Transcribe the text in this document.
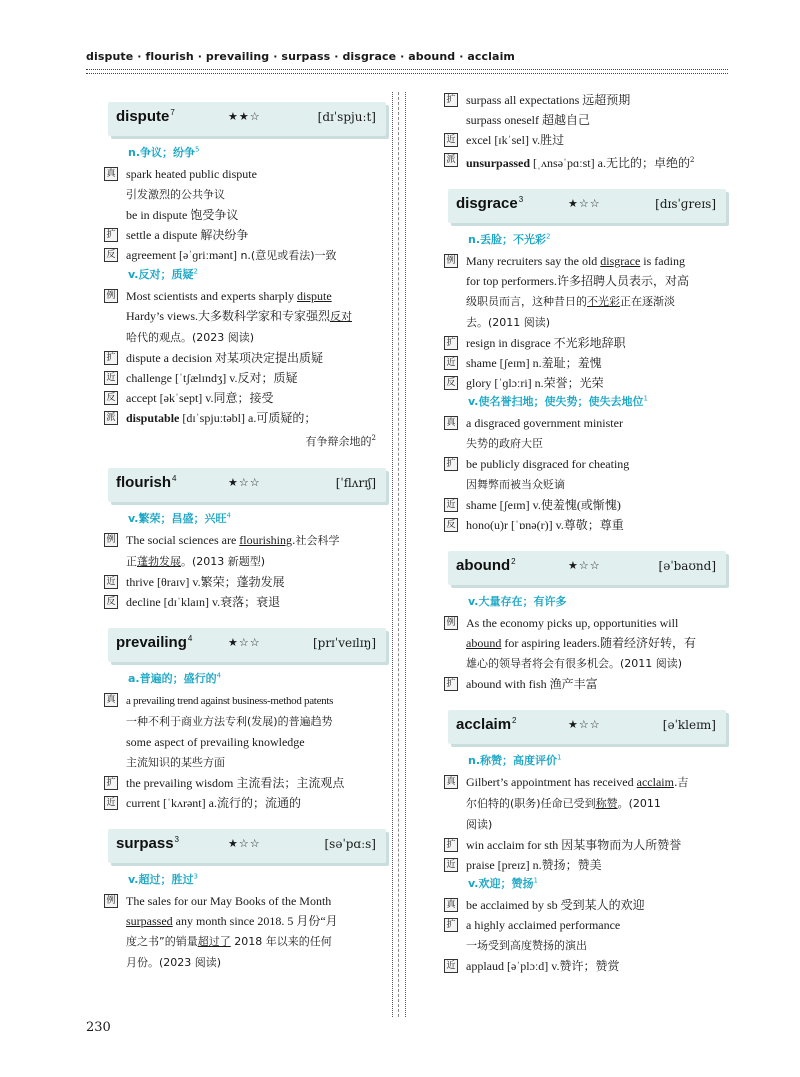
dispute · flourish · prevailing · surpass · disgrace · abound · acclaim
dispute$^7$	★★☆	[dɪˈspjuːt]
n.争议；纷争$^5$
真 spark heated public dispute
引发激烈的公共争议
be in dispute 饱受争议
扩 settle a dispute 解决纷争
反 agreement [əˈɡriːmənt] n.(意见或看法)一致
v.反对；质疑$^2$
例 Most scientists and experts sharply dispute
Hardy’s views.大多数科学家和专家强烈反对
哈代的观点。(2023 阅读)
扩 dispute a decision 对某项决定提出质疑
近 challenge [ˈtʃælɪndʒ] v.反对；质疑
反 accept [əkˈsept] v.同意；接受
派 disputable [dɪˈspjuːtəbl] a.可质疑的；
有争辩余地的$^2$
flourish$^4$	★☆☆	[ˈflʌrɪʃ]
v.繁荣；昌盛；兴旺$^4$
例 The social sciences are flourishing.社会科学
正蓬勃发展。(2013 新题型)
近 thrive [θraɪv] v.繁荣；蓬勃发展
反 decline [dɪˈklaɪn] v.衰落；衰退
prevailing$^4$	★☆☆	[prɪˈveɪlɪŋ]
a.普遍的；盛行的$^4$
真 a prevailing trend against business-method patents
一种不利于商业方法专利(发展)的普遍趋势
some aspect of prevailing knowledge
主流知识的某些方面
扩 the prevailing wisdom 主流看法；主流观点
近 current [ˈkʌrənt] a.流行的；流通的
surpass$^3$	★☆☆	[səˈpɑːs]
v.超过；胜过$^3$
例 The sales for our May Books of the Month
surpassed any month since 2018. 5 月份“月
度之书”的销量超过了 2018 年以来的任何
月份。(2023 阅读)
扩 surpass all expectations 远超预期
surpass oneself 超越自己
近 excel [ɪkˈsel] v.胜过
派 unsurpassed [ˌʌnsəˈpɑːst] a.无比的；卓绝的$^2$
disgrace$^3$	★☆☆	[dɪsˈɡreɪs]
n.丢脸；不光彩$^2$
例 Many recruiters say the old disgrace is fading
for top performers.许多招聘人员表示，对高
级职员而言，这种昔日的不光彩正在逐渐淡
去。(2011 阅读)
扩 resign in disgrace 不光彩地辞职
近 shame [ʃeɪm] n.羞耻；羞愧
反 glory [ˈɡlɔːri] n.荣誉；光荣
v.使名誉扫地；使失势；使失去地位$^1$
真 a disgraced government minister
失势的政府大臣
扩 be publicly disgraced for cheating
因舞弊而被当众贬谪
近 shame [ʃeɪm] v.使羞愧(或惭愧)
反 hono(u)r [ˈɒnə(r)] v.尊敬；尊重
abound$^2$	★☆☆	[əˈbaʊnd]
v.大量存在；有许多
例 As the economy picks up, opportunities will
abound for aspiring leaders.随着经济好转，有
雄心的领导者将会有很多机会。(2011 阅读)
扩 abound with fish 渔产丰富
acclaim$^2$	★☆☆	[əˈkleɪm]
n.称赞；高度评价$^1$
真 Gilbert’s appointment has received acclaim.吉
尔伯特的(职务)任命已受到称赞。(2011
阅读)
扩 win acclaim for sth 因某事物而为人所赞誉
近 praise [preɪz] n.赞扬；赞美
v.欢迎；赞扬$^1$
真 be acclaimed by sb 受到某人的欢迎
扩 a highly acclaimed performance
一场受到高度赞扬的演出
近 applaud [əˈplɔːd] v.赞许；赞赏
230
